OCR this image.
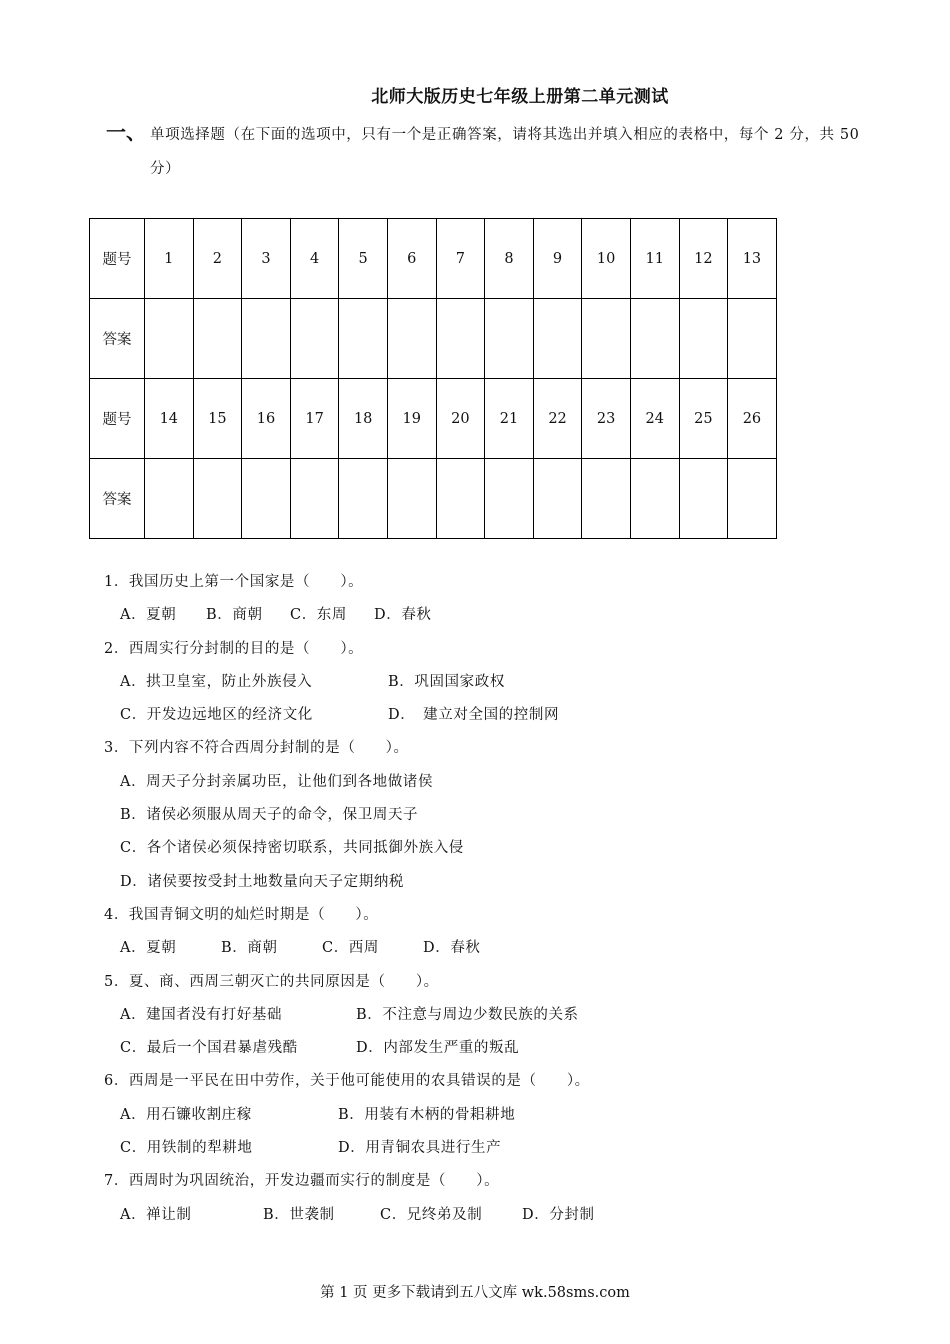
北师大版历史七年级上册第二单元测试
一、 单项选择题（在下面的选项中，只有一个是正确答案，请将其选出并填入相应的表格中，每个 2 分，共 50 分）
题号	1	2	3	4	5	6	7	8	9	10	11	12	13
答案													
题号	14	15	16	17	18	19	20	21	22	23	24	25	26
答案													
1．我国历史上第一个国家是（　　）。
A．夏朝 B．商朝 C．东周 D．春秋
2．西周实行分封制的目的是（　　）。
A．拱卫皇室，防止外族侵入	B．巩固国家政权
C．开发边远地区的经济文化	D．　建立对全国的控制网
3．下列内容不符合西周分封制的是（　　）。
A．周天子分封亲属功臣，让他们到各地做诸侯
B．诸侯必须服从周天子的命令，保卫周天子
C．各个诸侯必须保持密切联系，共同抵御外族入侵
D．诸侯要按受封土地数量向天子定期纳税
4．我国青铜文明的灿烂时期是（　　）。
A．夏朝	B．商朝	C．西周	D．春秋
5．夏、商、西周三朝灭亡的共同原因是（　　）。
A．建国者没有打好基础	B．不注意与周边少数民族的关系
C．最后一个国君暴虐残酷	D．内部发生严重的叛乱
6．西周是一平民在田中劳作，关于他可能使用的农具错误的是（　　）。
A．用石镰收割庄稼	B．用装有木柄的骨耜耕地
C．用铁制的犁耕地	D．用青铜农具进行生产
7．西周时为巩固统治，开发边疆而实行的制度是（　　）。
A．禅让制	B．世袭制	C．兄终弟及制	D．分封制
第 1 页 更多下载请到五八文库 wk.58sms.com
